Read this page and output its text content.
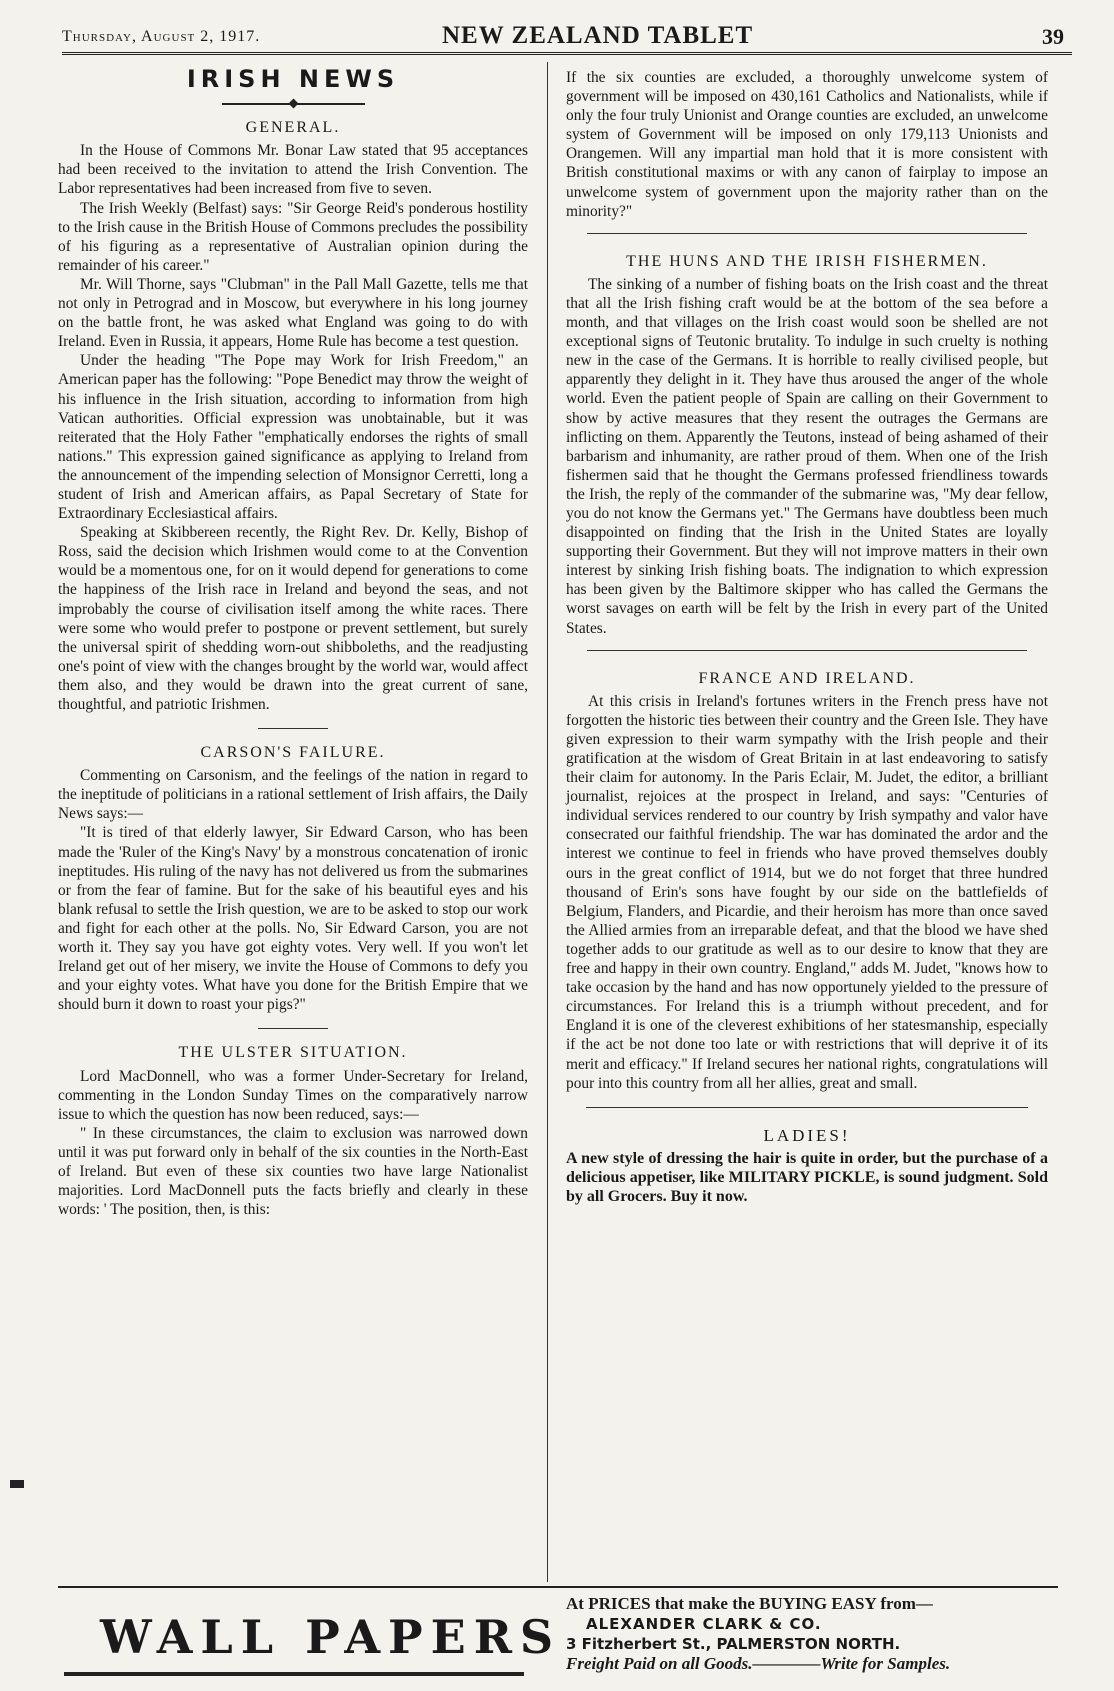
Thursday, August 2, 1917.	NEW ZEALAND TABLET	39
IRISH NEWS
GENERAL.

In the House of Commons Mr. Bonar Law stated that 95 acceptances had been received to the invitation to attend the Irish Convention. The Labor representatives had been increased from five to seven.

The Irish Weekly (Belfast) says: "Sir George Reid's ponderous hostility to the Irish cause in the British House of Commons precludes the possibility of his figuring as a representative of Australian opinion during the remainder of his career."

Mr. Will Thorne, says "Clubman" in the Pall Mall Gazette, tells me that not only in Petrograd and in Moscow, but everywhere in his long journey on the battle front, he was asked what England was going to do with Ireland. Even in Russia, it appears, Home Rule has become a test question.

Under the heading "The Pope may Work for Irish Freedom," an American paper has the following: "Pope Benedict may throw the weight of his influence in the Irish situation, according to information from high Vatican authorities. Official expression was unobtainable, but it was reiterated that the Holy Father "emphatically endorses the rights of small nations." This expression gained significance as applying to Ireland from the announcement of the impending selection of Monsignor Cerretti, long a student of Irish and American affairs, as Papal Secretary of State for Extraordinary Ecclesiastical affairs.

Speaking at Skibbereen recently, the Right Rev. Dr. Kelly, Bishop of Ross, said the decision which Irishmen would come to at the Convention would be a momentous one, for on it would depend for generations to come the happiness of the Irish race in Ireland and beyond the seas, and not improbably the course of civilisation itself among the white races. There were some who would prefer to postpone or prevent settlement, but surely the universal spirit of shedding worn-out shibboleths, and the readjusting one's point of view with the changes brought by the world war, would affect them also, and they would be drawn into the great current of sane, thoughtful, and patriotic Irishmen.

CARSON'S FAILURE.

Commenting on Carsonism, and the feelings of the nation in regard to the ineptitude of politicians in a rational settlement of Irish affairs, the Daily News says:—

"It is tired of that elderly lawyer, Sir Edward Carson, who has been made the 'Ruler of the King's Navy' by a monstrous concatenation of ironic ineptitudes. His ruling of the navy has not delivered us from the submarines or from the fear of famine. But for the sake of his beautiful eyes and his blank refusal to settle the Irish question, we are to be asked to stop our work and fight for each other at the polls. No, Sir Edward Carson, you are not worth it. They say you have got eighty votes. Very well. If you won't let Ireland get out of her misery, we invite the House of Commons to defy you and your eighty votes. What have you done for the British Empire that we should burn it down to roast your pigs?"

THE ULSTER SITUATION.

Lord MacDonnell, who was a former Under-Secretary for Ireland, commenting in the London Sunday Times on the comparatively narrow issue to which the question has now been reduced, says:—

" In these circumstances, the claim to exclusion was narrowed down until it was put forward only in behalf of the six counties in the North-East of Ireland. But even of these six counties two have large Nationalist majorities. Lord MacDonnell puts the facts briefly and clearly in these words: ' The position, then, is this:

If the six counties are excluded, a thoroughly unwelcome system of government will be imposed on 430,161 Catholics and Nationalists, while if only the four truly Unionist and Orange counties are excluded, an unwelcome system of Government will be imposed on only 179,113 Unionists and Orangemen. Will any impartial man hold that it is more consistent with British constitutional maxims or with any canon of fairplay to impose an unwelcome system of government upon the majority rather than on the minority?"

THE HUNS AND THE IRISH FISHERMEN.

The sinking of a number of fishing boats on the Irish coast and the threat that all the Irish fishing craft would be at the bottom of the sea before a month, and that villages on the Irish coast would soon be shelled are not exceptional signs of Teutonic brutality. To indulge in such cruelty is nothing new in the case of the Germans. It is horrible to really civilised people, but apparently they delight in it. They have thus aroused the anger of the whole world. Even the patient people of Spain are calling on their Government to show by active measures that they resent the outrages the Germans are inflicting on them. Apparently the Teutons, instead of being ashamed of their barbarism and inhumanity, are rather proud of them. When one of the Irish fishermen said that he thought the Germans professed friendliness towards the Irish, the reply of the commander of the submarine was, "My dear fellow, you do not know the Germans yet." The Germans have doubtless been much disappointed on finding that the Irish in the United States are loyally supporting their Government. But they will not improve matters in their own interest by sinking Irish fishing boats. The indignation to which expression has been given by the Baltimore skipper who has called the Germans the worst savages on earth will be felt by the Irish in every part of the United States.

FRANCE AND IRELAND.

At this crisis in Ireland's fortunes writers in the French press have not forgotten the historic ties between their country and the Green Isle. They have given expression to their warm sympathy with the Irish people and their gratification at the wisdom of Great Britain in at last endeavoring to satisfy their claim for autonomy. In the Paris Eclair, M. Judet, the editor, a brilliant journalist, rejoices at the prospect in Ireland, and says: "Centuries of individual services rendered to our country by Irish sympathy and valor have consecrated our faithful friendship. The war has dominated the ardor and the interest we continue to feel in friends who have proved themselves doubly ours in the great conflict of 1914, but we do not forget that three hundred thousand of Erin's sons have fought by our side on the battlefields of Belgium, Flanders, and Picardie, and their heroism has more than once saved the Allied armies from an irreparable defeat, and that the blood we have shed together adds to our gratitude as well as to our desire to know that they are free and happy in their own country. England," adds M. Judet, "knows how to take occasion by the hand and has now opportunely yielded to the pressure of circumstances. For Ireland this is a triumph without precedent, and for England it is one of the cleverest exhibitions of her statesmanship, especially if the act be not done too late or with restrictions that will deprive it of its merit and efficacy." If Ireland secures her national rights, congratulations will pour into this country from all her allies, great and small.

LADIES!
A new style of dressing the hair is quite in order, but the purchase of a delicious appetiser, like MILITARY PICKLE, is sound judgment. Sold by all Grocers. Buy it now.
WALL PAPERS
At PRICES that make the BUYING EASY from—
ALEXANDER CLARK & CO.
3 Fitzherbert St., PALMERSTON NORTH.
Freight Paid on all Goods.————Write for Samples.
